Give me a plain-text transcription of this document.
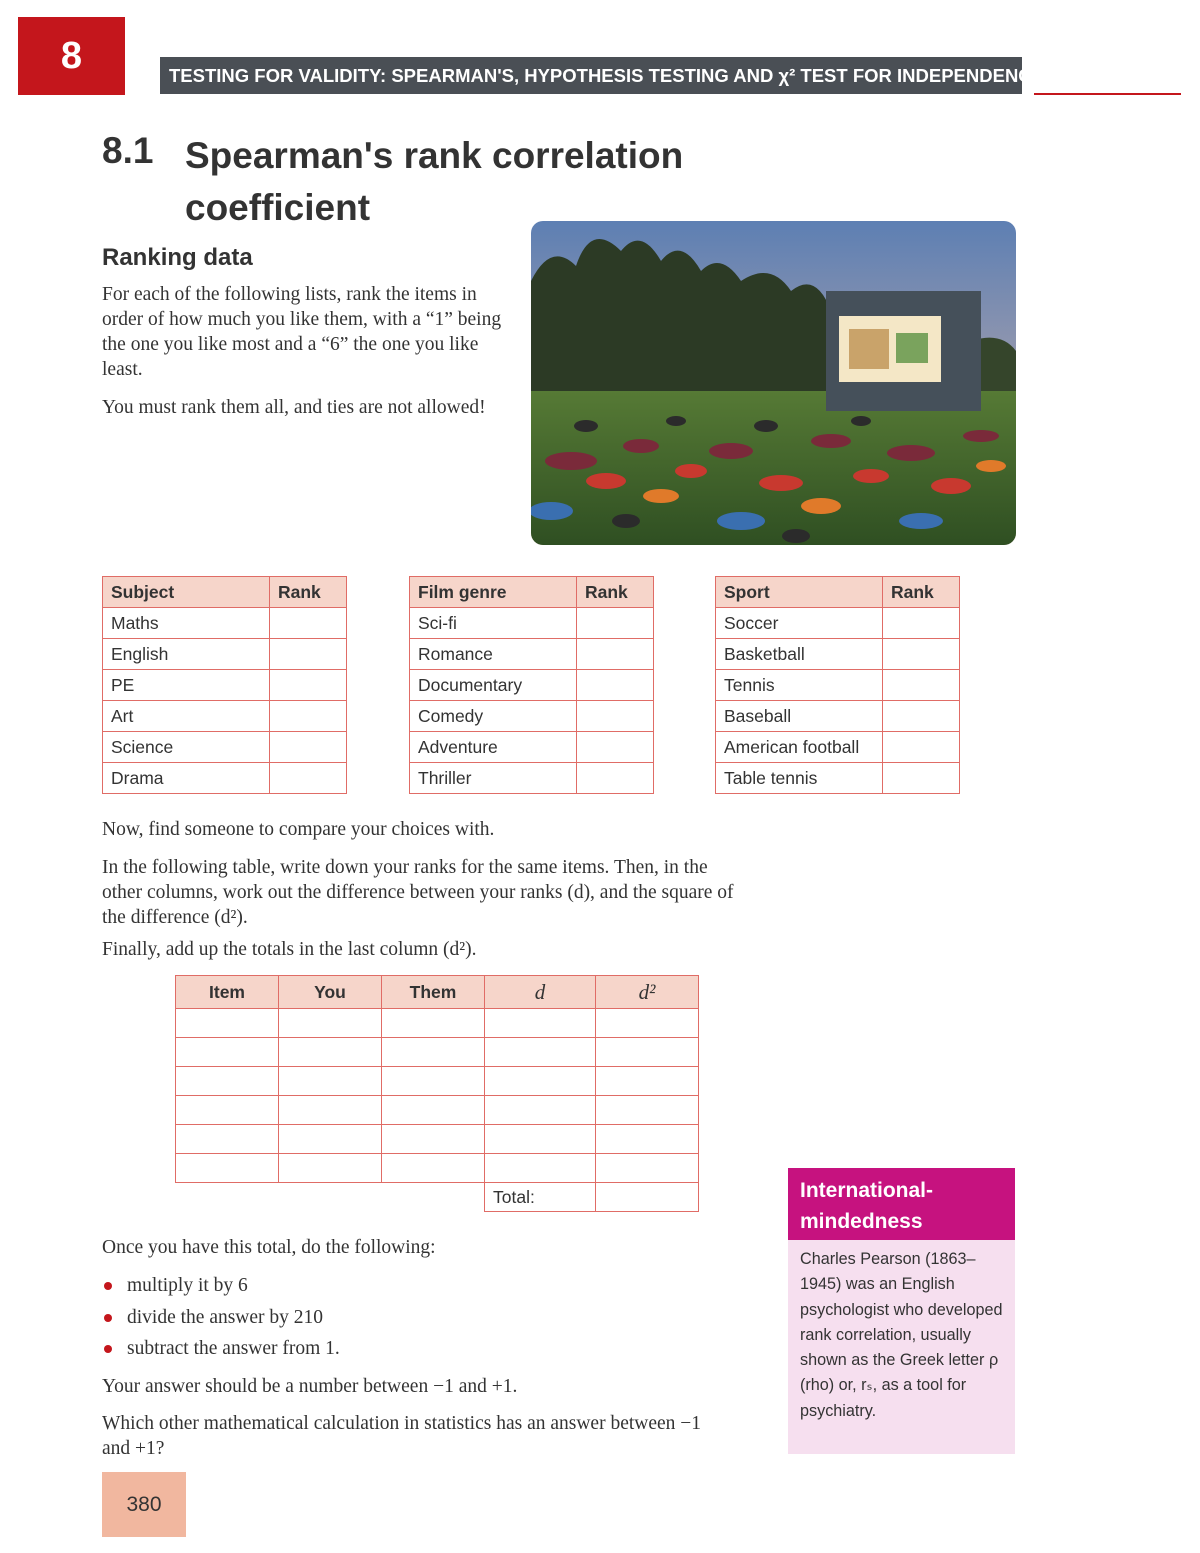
8	TESTING FOR VALIDITY: SPEARMAN'S, HYPOTHESIS TESTING AND χ² TEST FOR INDEPENDENCE
8.1 Spearman's rank correlation coefficient
Ranking data
For each of the following lists, rank the items in order of how much you like them, with a “1” being the one you like most and a “6” the one you like least.
You must rank them all, and ties are not allowed!
Subject	Rank
Maths	
English	
PE	
Art	
Science	
Drama	
Film genre	Rank
Sci-fi	
Romance	
Documentary	
Comedy	
Adventure	
Thriller	
Sport	Rank
Soccer	
Basketball	
Tennis	
Baseball	
American football	
Table tennis	
Now, find someone to compare your choices with.
In the following table, write down your ranks for the same items. Then, in the other columns, work out the difference between your ranks (d), and the square of the difference (d²).
Finally, add up the totals in the last column (d²).
Item	You	Them	d	d²

			Total:	
Once you have this total, do the following:
multiply it by 6
divide the answer by 210
subtract the answer from 1.
Your answer should be a number between −1 and +1.
Which other mathematical calculation in statistics has an answer between −1 and +1?
380
International-mindedness
Charles Pearson (1863–1945) was an English psychologist who developed rank correlation, usually shown as the Greek letter ρ (rho) or, rₛ, as a tool for psychiatry.
